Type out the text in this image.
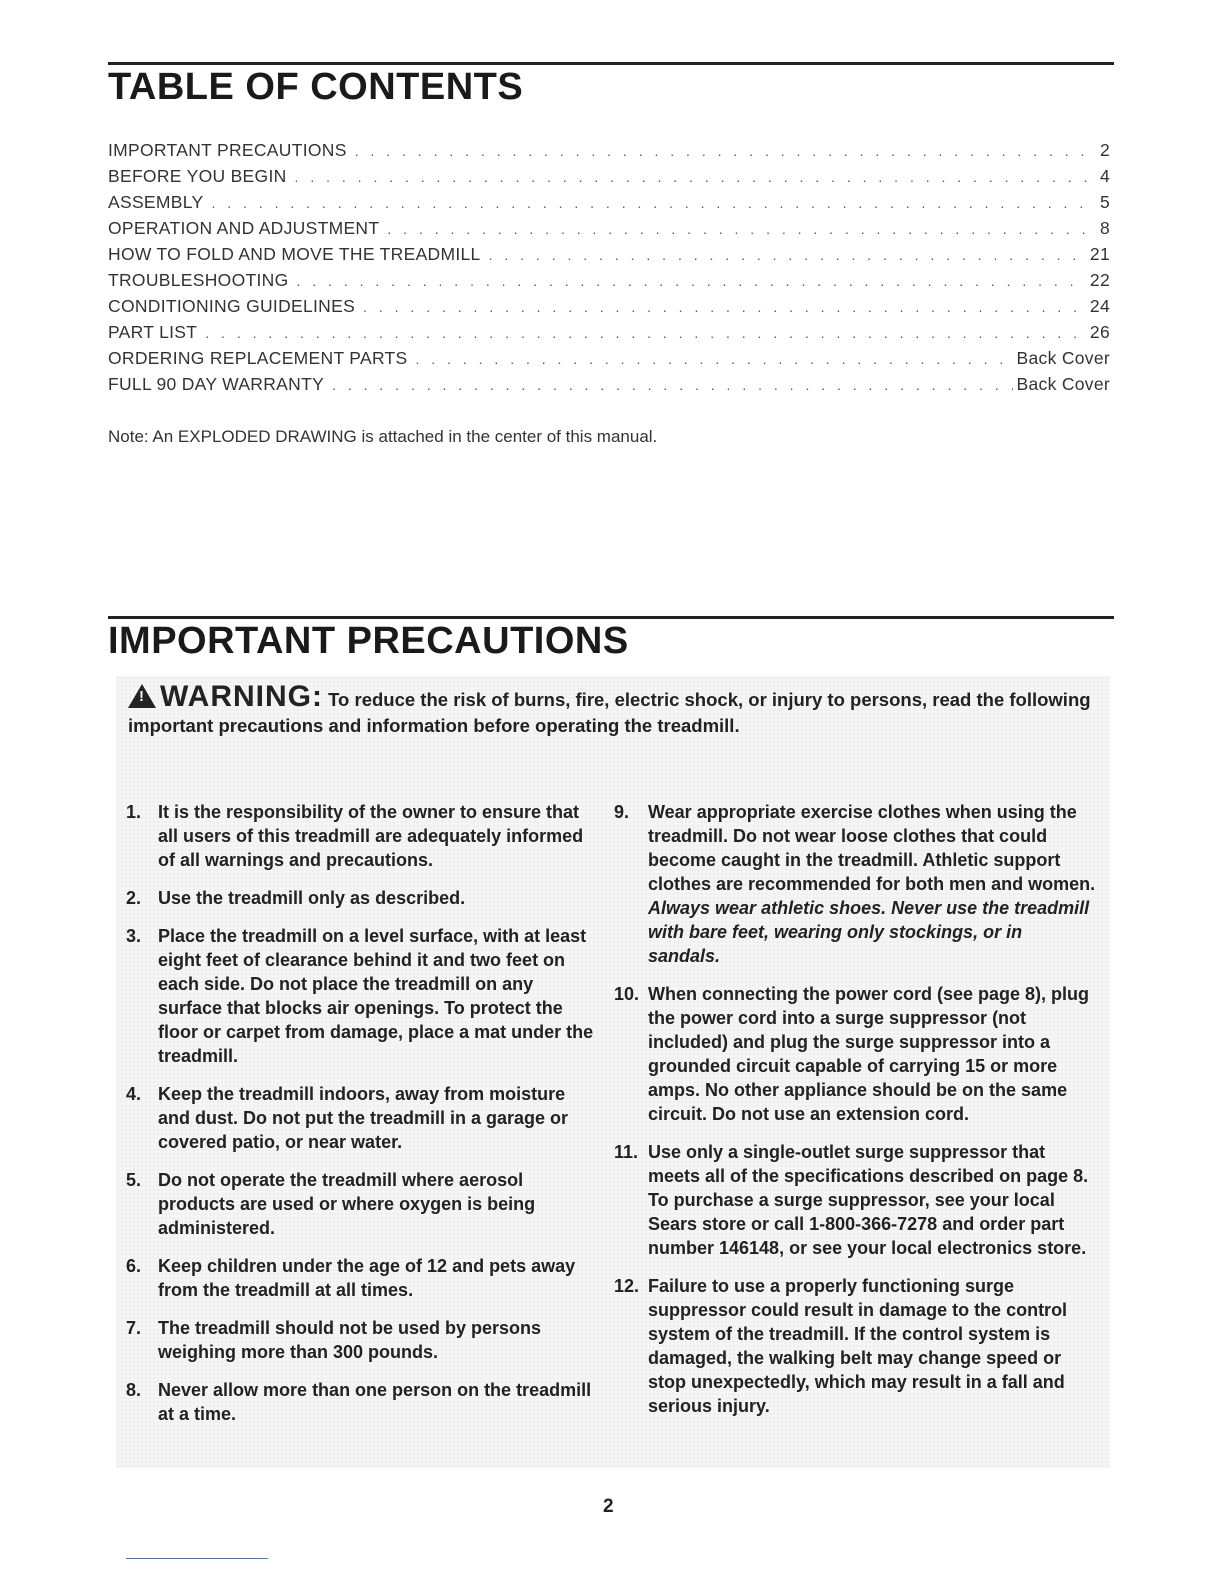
TABLE OF CONTENTS
IMPORTANT PRECAUTIONS . . .	2
BEFORE YOU BEGIN . . .	4
ASSEMBLY . . .	5
OPERATION AND ADJUSTMENT . . .	8
HOW TO FOLD AND MOVE THE TREADMILL . . .	21
TROUBLESHOOTING . . .	22
CONDITIONING GUIDELINES . . .	24
PART LIST . . .	26
ORDERING REPLACEMENT PARTS . . .	Back Cover
FULL 90 DAY WARRANTY . . .	Back Cover
Note: An EXPLODED DRAWING is attached in the center of this manual.
IMPORTANT PRECAUTIONS
!WARNING: To reduce the risk of burns, fire, electric shock, or injury to persons, read the following important precautions and information before operating the treadmill.
1. It is the responsibility of the owner to ensure that all users of this treadmill are adequately informed of all warnings and precautions.
2. Use the treadmill only as described.
3. Place the treadmill on a level surface, with at least eight feet of clearance behind it and two feet on each side. Do not place the treadmill on any surface that blocks air openings. To protect the floor or carpet from damage, place a mat under the treadmill.
4. Keep the treadmill indoors, away from moisture and dust. Do not put the treadmill in a garage or covered patio, or near water.
5. Do not operate the treadmill where aerosol products are used or where oxygen is being administered.
6. Keep children under the age of 12 and pets away from the treadmill at all times.
7. The treadmill should not be used by persons weighing more than 300 pounds.
8. Never allow more than one person on the treadmill at a time.
9.	Wear appropriate exercise clothes when using the treadmill. Do not wear loose clothes that could become caught in the treadmill. Athletic support clothes are recommended for both men and women. Always wear athletic shoes. Never use the treadmill with bare feet, wearing only stockings, or in sandals.
10. When connecting the power cord (see page 8), plug the power cord into a surge suppressor (not included) and plug the surge suppressor into a grounded circuit capable of carrying 15 or more amps. No other appliance should be on the same circuit. Do not use an extension cord.
11. Use only a single-outlet surge suppressor that meets all of the specifications described on page 8. To purchase a surge suppressor, see your local Sears store or call 1-800-366-7278 and order part number 146148, or see your local electronics store.
12. Failure to use a properly functioning surge suppressor could result in damage to the control system of the treadmill. If the control system is damaged, the walking belt may change speed or stop unexpectedly, which may result in a fall and serious injury.
2
